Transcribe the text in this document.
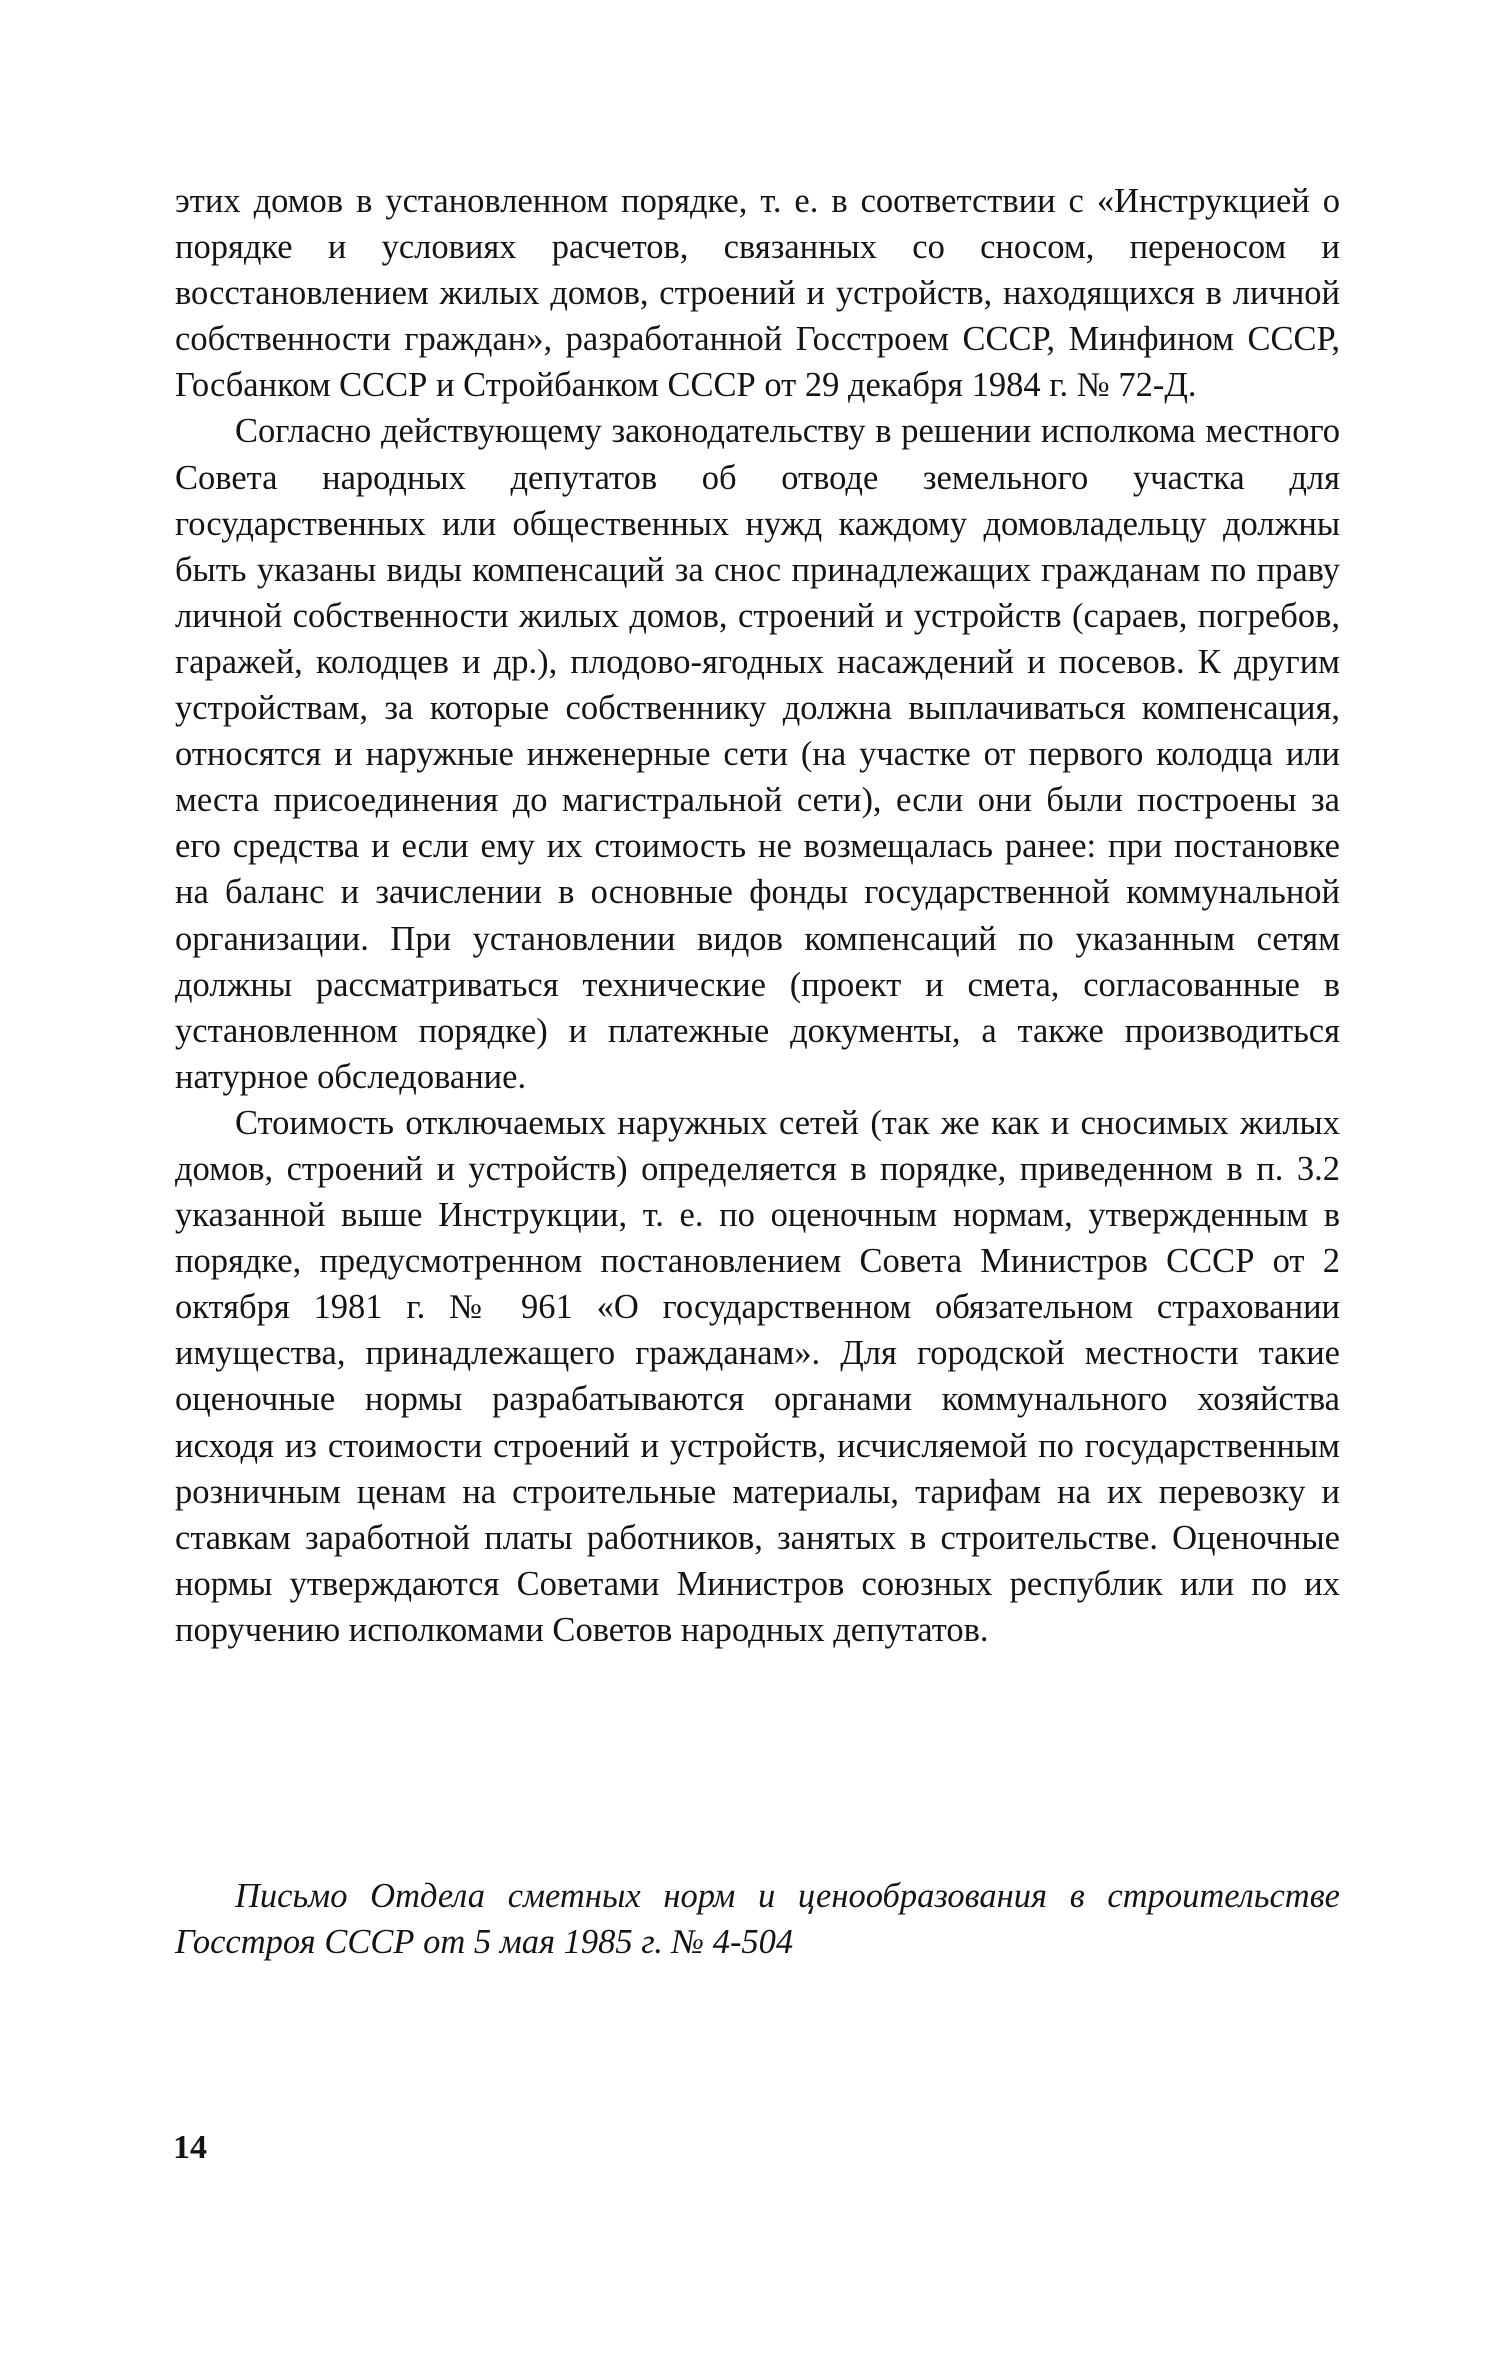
этих домов в установленном порядке, т. е. в соответствии с «Инструкцией о порядке и условиях расчетов, связанных со сносом, переносом и восстановлением жилых домов, строений и устройств, находящихся в личной собственности граждан», разработанной Госстроем СССР, Минфином СССР, Госбанком СССР и Стройбанком СССР от 29 декабря 1984 г. № 72-Д.

Согласно действующему законодательству в решении исполкома местного Совета народных депутатов об отводе земельного участка для государственных или общественных нужд каждому домовладельцу должны быть указаны виды компенсаций за снос принадлежащих гражданам по праву личной собственности жилых домов, строений и устройств (сараев, погребов, гаражей, колодцев и др.), плодово-ягодных насаждений и посевов. К другим устройствам, за которые собственнику должна выплачиваться компенсация, относятся и наружные инженерные сети (на участке от первого колодца или места присоединения до магистральной сети), если они были построены за его средства и если ему их стоимость не возмещалась ранее: при постановке на баланс и зачислении в основные фонды государственной коммунальной организации. При установлении видов компенсаций по указанным сетям должны рассматриваться технические (проект и смета, согласованные в установленном порядке) и платежные документы, а также производиться натурное обследование.

Стоимость отключаемых наружных сетей (так же как и сносимых жилых домов, строений и устройств) определяется в порядке, приведенном в п. 3.2 указанной выше Инструкции, т. е. по оценочным нормам, утвержденным в порядке, предусмотренном постановлением Совета Министров СССР от 2 октября 1981 г. № 961 «О государственном обязательном страховании имущества, принадлежащего гражданам». Для городской местности такие оценочные нормы разрабатываются органами коммунального хозяйства исходя из стоимости строений и устройств, исчисляемой по государственным розничным ценам на строительные материалы, тарифам на их перевозку и ставкам заработной платы работников, занятых в строительстве. Оценочные нормы утверждаются Советами Министров союзных республик или по их поручению исполкомами Советов народных депутатов.

Письмо Отдела сметных норм и ценообразования в строительстве Госстроя СССР от 5 мая 1985 г. № 4-504

14
